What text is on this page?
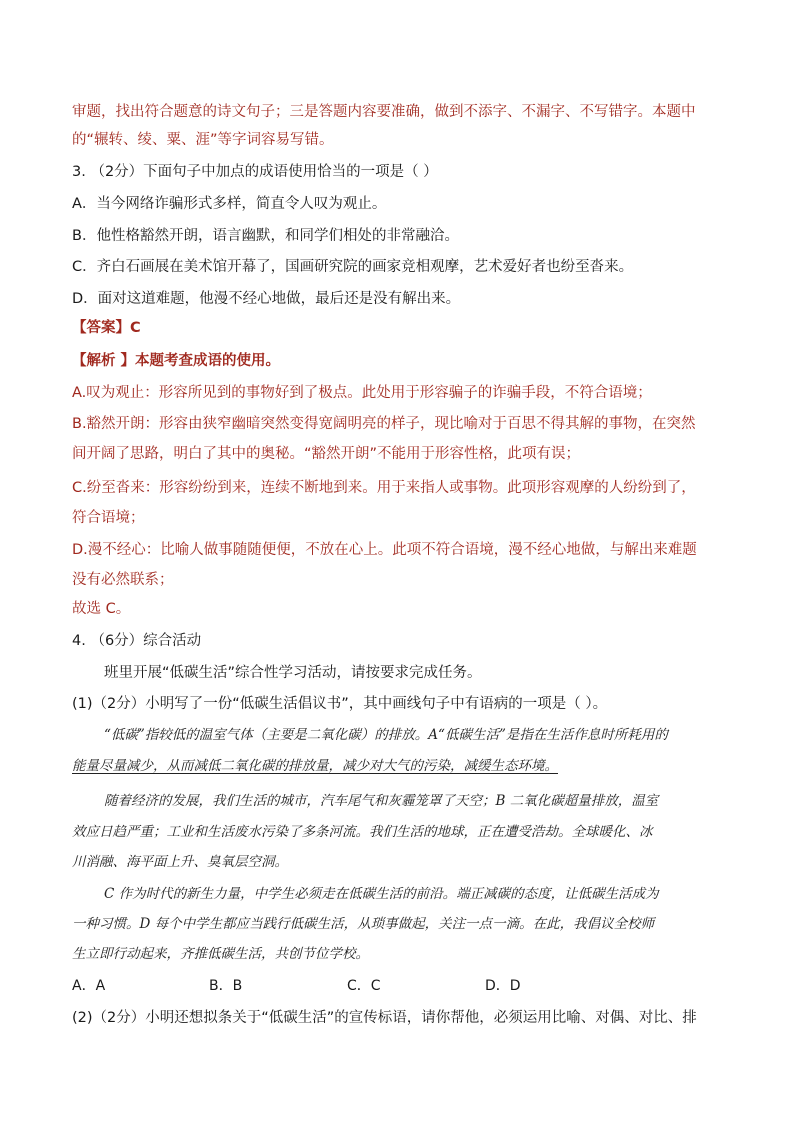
审题，找出符合题意的诗文句子；三是答题内容要准确，做到不添字、不漏字、不写错字。本题中
的“辗转、绫、粟、涯”等字词容易写错。
3. （2分）下面句子中加点的成语使用恰当的一项是（ ）
A．当今网络诈骗形式多样，简直令人叹为观止。
B．他性格豁然开朗，语言幽默，和同学们相处的非常融洽。
C．齐白石画展在美术馆开幕了，国画研究院的画家竞相观摩，艺术爱好者也纷至沓来。
D．面对这道难题，他漫不经心地做，最后还是没有解出来。
【答案】C
【解析 】本题考查成语的使用。
A.叹为观止：形容所见到的事物好到了极点。此处用于形容骗子的诈骗手段，不符合语境；
B.豁然开朗：形容由狭窄幽暗突然变得宽阔明亮的样子，现比喻对于百思不得其解的事物，在突然
间开阔了思路，明白了其中的奥秘。“豁然开朗”不能用于形容性格，此项有误；
C.纷至沓来：形容纷纷到来，连续不断地到来。用于来指人或事物。此项形容观摩的人纷纷到了，
符合语境；
D.漫不经心：比喻人做事随随便便，不放在心上。此项不符合语境，漫不经心地做，与解出来难题
没有必然联系；
故选 C。
4. （6分）综合活动
班里开展“低碳生活”综合性学习活动，请按要求完成任务。
(1)（2分）小明写了一份“低碳生活倡议书”，其中画线句子中有语病的一项是（ ）。
“低碳”指较低的温室气体（主要是二氧化碳）的排放。A“低碳生活”是指在生活作息时所耗用的
能量尽量减少，从而减低二氧化碳的排放量，减少对大气的污染，减缓生态环境。
随着经济的发展，我们生活的城市，汽车尾气和灰霾笼罩了天空；B 二氧化碳超量排放，温室
效应日趋严重；工业和生活废水污染了多条河流。我们生活的地球，正在遭受浩劫。全球暖化、冰
川消融、海平面上升、臭氧层空洞。
C 作为时代的新生力量，中学生必须走在低碳生活的前沿。端正减碳的态度，让低碳生活成为
一种习惯。D 每个中学生都应当践行低碳生活，从琐事做起，关注一点一滴。在此，我倡议全校师
生立即行动起来，齐推低碳生活，共创节位学校。
A．A	B．B	C．C	D．D
(2)（2分）小明还想拟条关于“低碳生活”的宣传标语，请你帮他，必须运用比喻、对偶、对比、排
